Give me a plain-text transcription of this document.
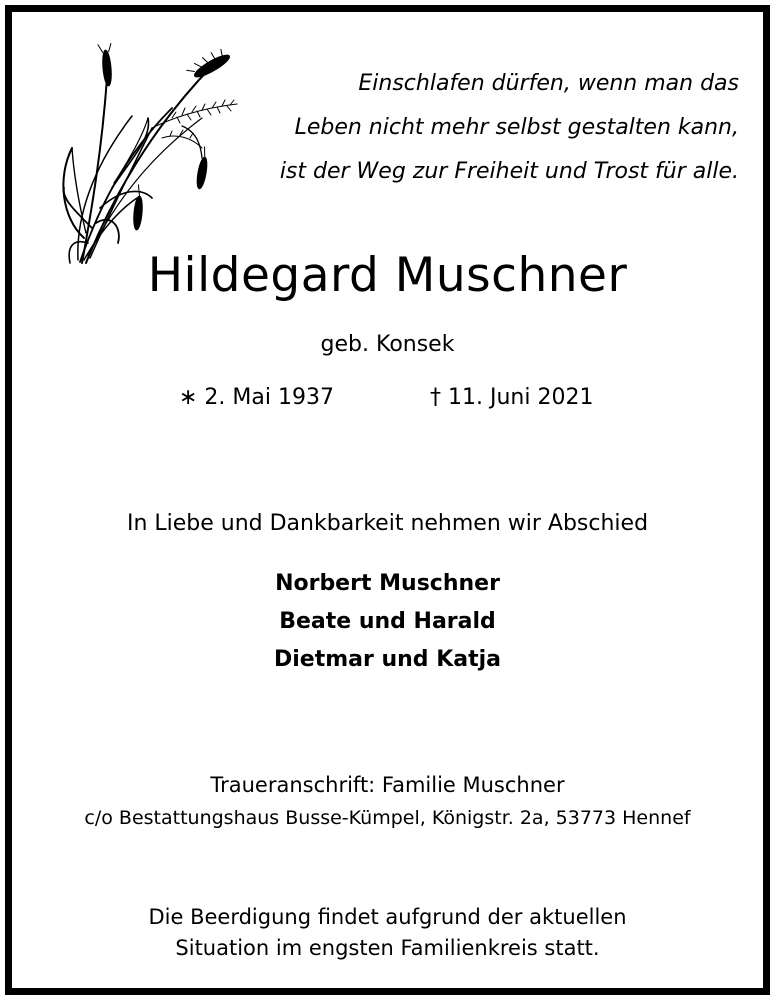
Einschlafen dürfen, wenn man das
Leben nicht mehr selbst gestalten kann,
ist der Weg zur Freiheit und Trost für alle.
Hildegard Muschner
geb. Konsek
∗ 2. Mai 1937	† 11. Juni 2021
In Liebe und Dankbarkeit nehmen wir Abschied
Norbert Muschner
Beate und Harald
Dietmar und Katja
Traueranschrift: Familie Muschner
c/o Bestattungshaus Busse-Kümpel, Königstr. 2a, 53773 Hennef
Die Beerdigung findet aufgrund der aktuellen
Situation im engsten Familienkreis statt.
